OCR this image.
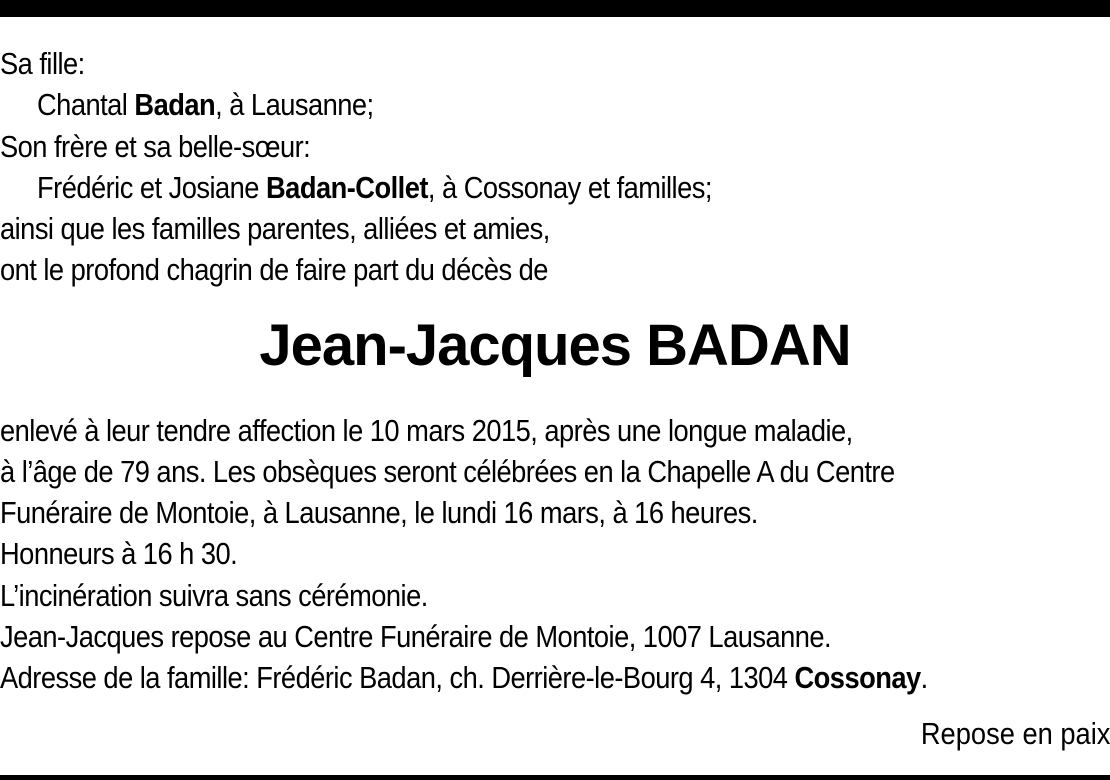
Sa fille:
Chantal Badan, à Lausanne;
Son frère et sa belle-sœur:
Frédéric et Josiane Badan-Collet, à Cossonay et familles;
ainsi que les familles parentes, alliées et amies,
ont le profond chagrin de faire part du décès de
Jean-Jacques BADAN
enlevé à leur tendre affection le 10 mars 2015, après une longue maladie,
à l’âge de 79 ans. Les obsèques seront célébrées en la Chapelle A du Centre
Funéraire de Montoie, à Lausanne, le lundi 16 mars, à 16 heures.
Honneurs à 16 h 30.
L’incinération suivra sans cérémonie.
Jean-Jacques repose au Centre Funéraire de Montoie, 1007 Lausanne.
Adresse de la famille: Frédéric Badan, ch. Derrière-le-Bourg 4, 1304 Cossonay.
Repose en paix
